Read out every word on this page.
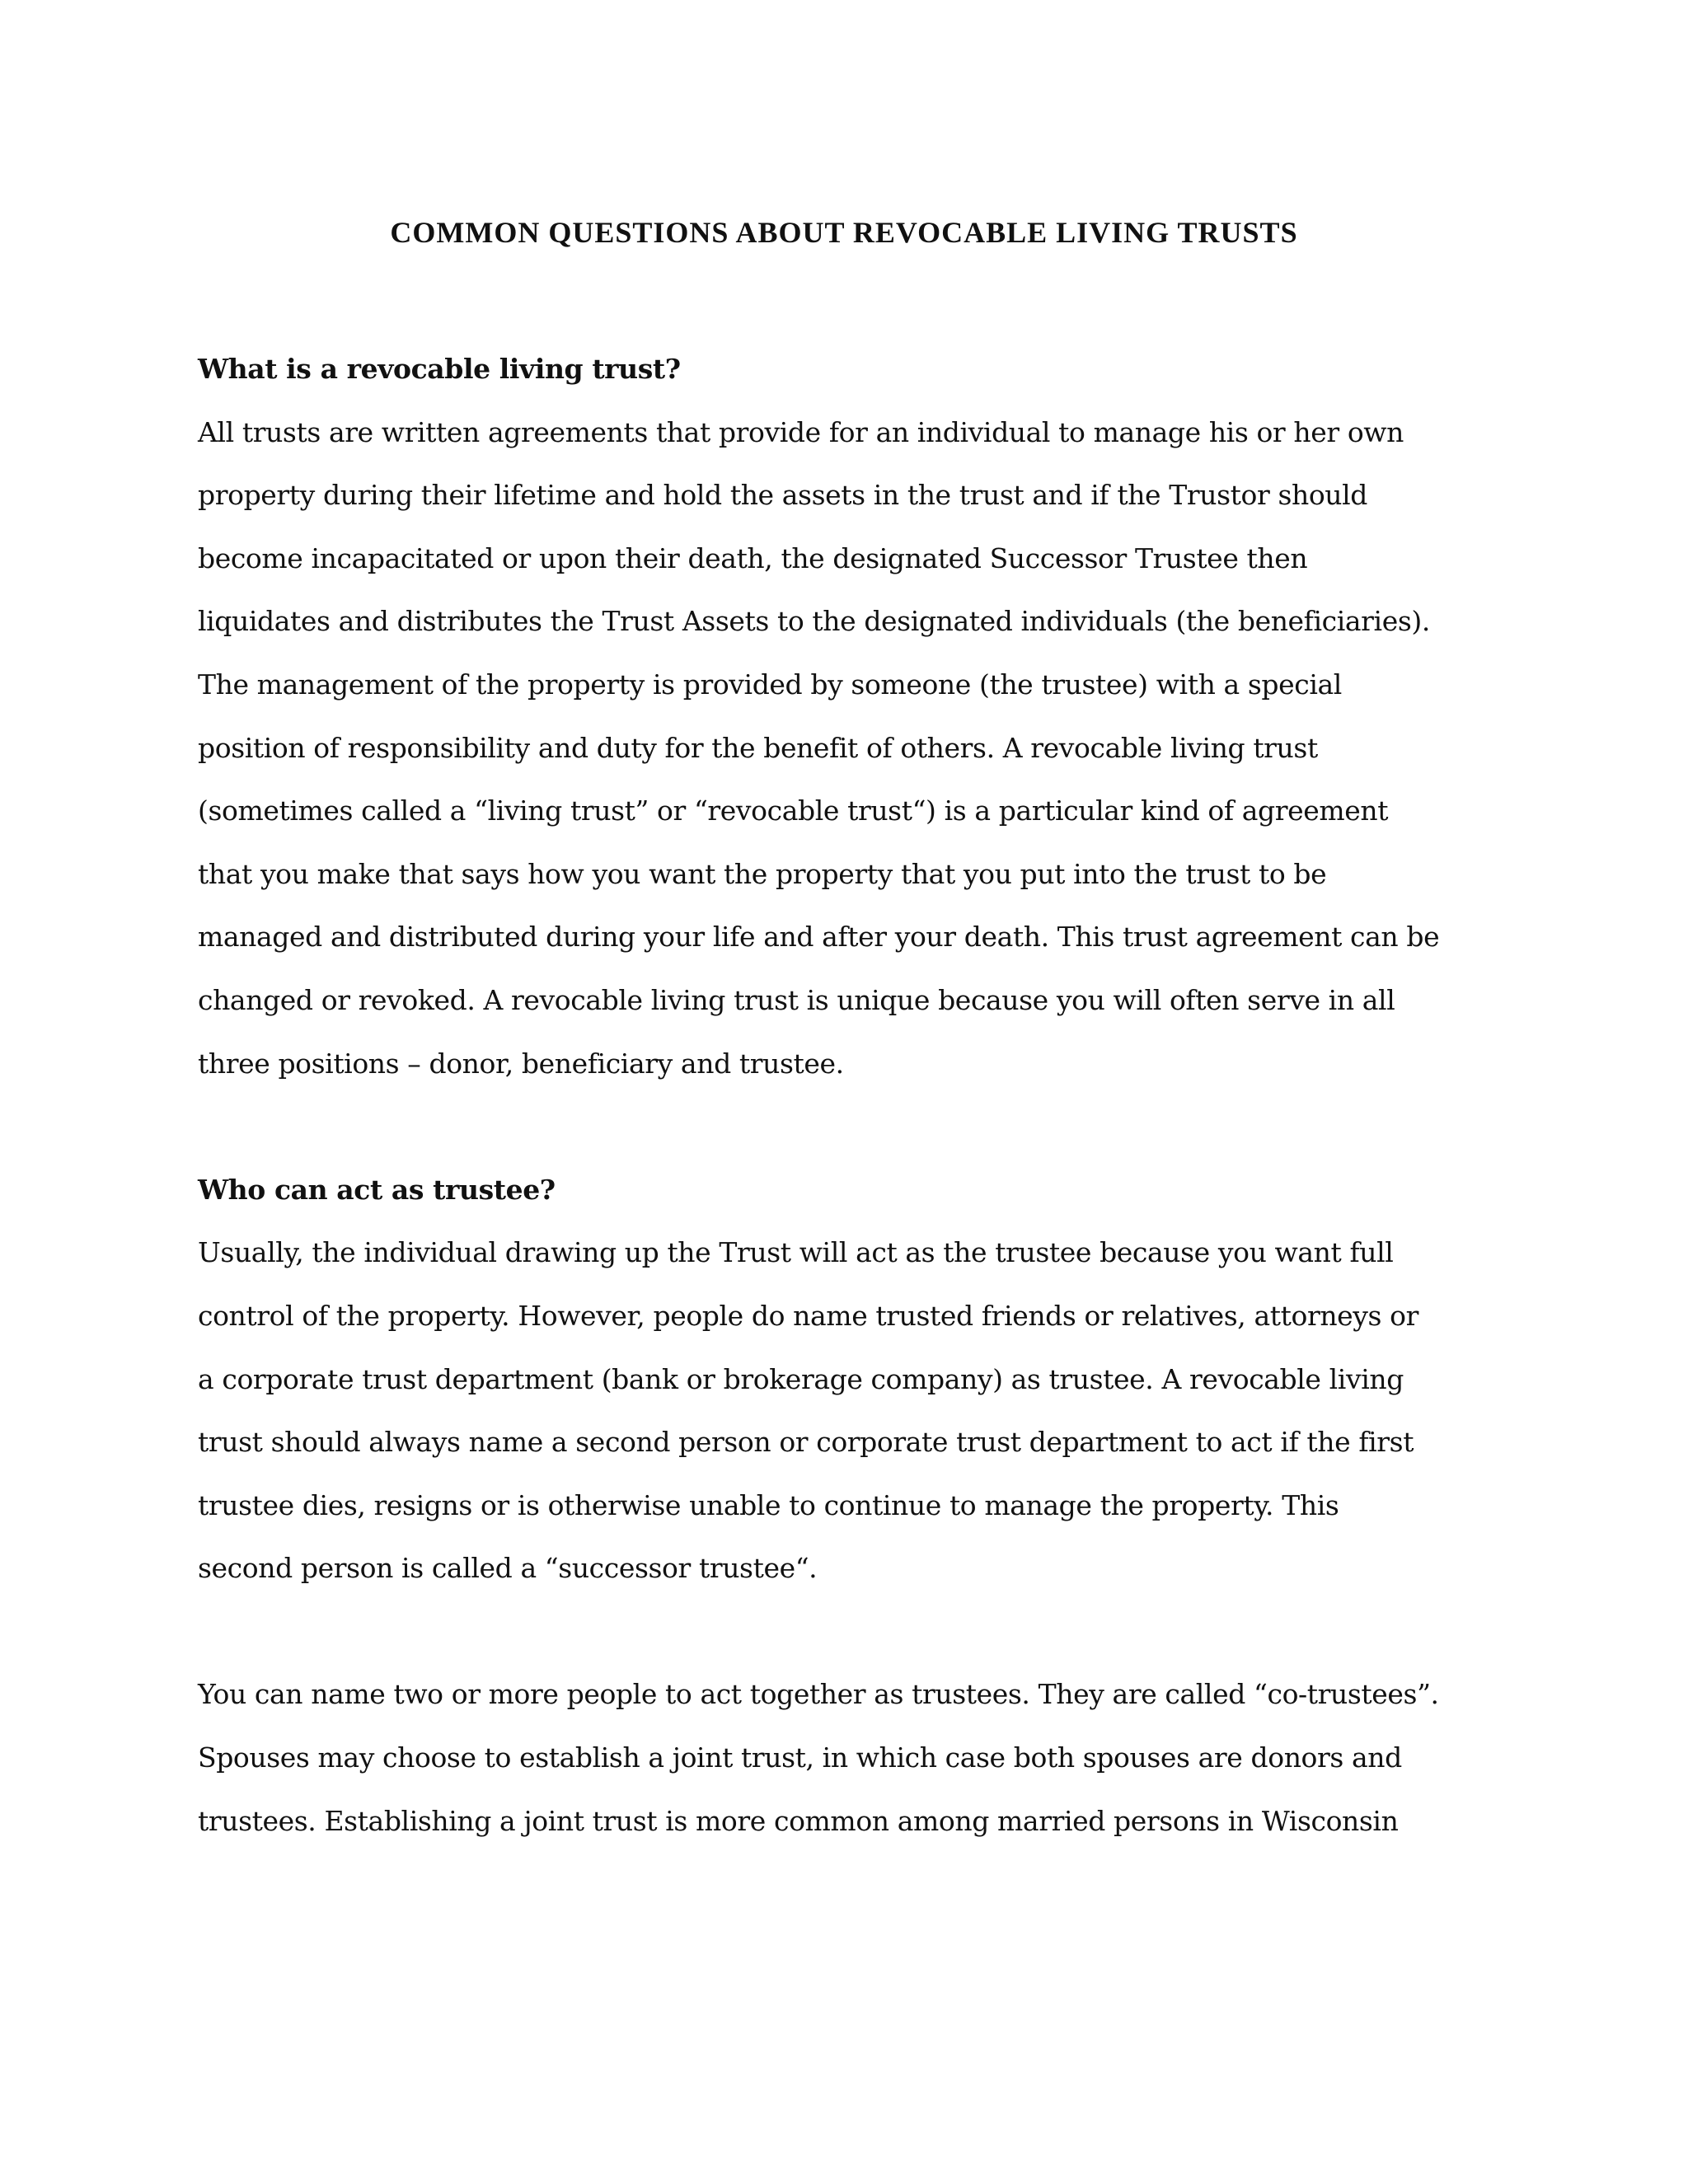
COMMON QUESTIONS ABOUT REVOCABLE LIVING TRUSTS
What is a revocable living trust?

All trusts are written agreements that provide for an individual to manage his or her own
property during their lifetime and hold the assets in the trust and if the Trustor should
become incapacitated or upon their death, the designated Successor Trustee then
liquidates and distributes the Trust Assets to the designated individuals (the beneficiaries).
The management of the property is provided by someone (the trustee) with a special
position of responsibility and duty for the benefit of others. A revocable living trust
(sometimes called a “living trust” or “revocable trust“) is a particular kind of agreement
that you make that says how you want the property that you put into the trust to be
managed and distributed during your life and after your death. This trust agreement can be
changed or revoked. A revocable living trust is unique because you will often serve in all
three positions – donor, beneficiary and trustee.

Who can act as trustee?

Usually, the individual drawing up the Trust will act as the trustee because you want full
control of the property. However, people do name trusted friends or relatives, attorneys or
a corporate trust department (bank or brokerage company) as trustee. A revocable living
trust should always name a second person or corporate trust department to act if the first
trustee dies, resigns or is otherwise unable to continue to manage the property. This
second person is called a “successor trustee“.

You can name two or more people to act together as trustees. They are called “co-trustees”.
Spouses may choose to establish a joint trust, in which case both spouses are donors and
trustees. Establishing a joint trust is more common among married persons in Wisconsin
